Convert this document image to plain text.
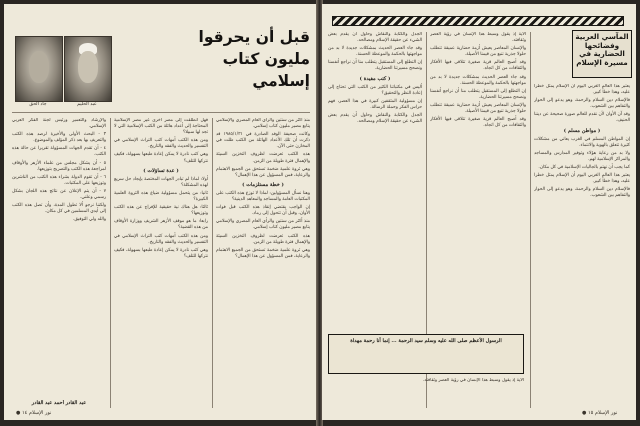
قبل أن يحرقوا
مليون كتاب
إسلامي
عبد الحليم
جاد الحق

منذ أكثر من سنتين والرأي العام المصري والإسلامي يتابع مصير مليون كتاب إسلامي.

وكانت صحيفة الوفد الصادرة في ١٩٨٥/١/٣١ قد ذكرت أن تلك الأعداد الهائلة من الكتب ظلت في المخازن حتى الآن.

هذه الكتب تعرضت لظروف التخزين السيئة والإهمال فترة طويلة من الزمن.

وهي ثروة علمية ضخمة تستحق من الجميع الاهتمام والرعاية، فمن المسؤول عن هذا الإهمال؟

( خطة مستلزمات )

وهنا نسأل المسؤولين: لماذا لا توزع هذه الكتب على المكتبات العامة والمساجد والمعاهد الدينية؟

إن الواجب يقتضي إنقاذ هذه الكتب قبل فوات الأوان، وقبل أن تتحول إلى رماد.

منذ أكثر من سنتين والرأي العام المصري والإسلامي يتابع مصير مليون كتاب إسلامي.

هذه الكتب تعرضت لظروف التخزين السيئة والإهمال فترة طويلة من الزمن.

وهي ثروة علمية ضخمة تستحق من الجميع الاهتمام والرعاية، فمن المسؤول عن هذا الإهمال؟

فهل انطلقت إلى مصر أخرى غير مصر الإسلامية المحتاجة إلى أعداد هائلة من الكتب الإسلامية التي لا تجد لها سبيلا؟

ومن هذه الكتب أمهات كتب التراث الإسلامي في التفسير والحديث والفقه والتاريخ.

وهي كتب نادرة لا يمكن إعادة طبعها بسهولة، فكيف نتركها للتلف؟

( عدة تساؤلات )

أولا: لماذا لم تبادر الجهات المختصة بإيجاد حل سريع لهذه المشكلة؟

ثانيا: من يتحمل مسؤولية ضياع هذه الثروة العلمية الكبيرة؟

ثالثا: هل هناك نية حقيقية للإفراج عن هذه الكتب وتوزيعها؟

رابعا: ما هو موقف الأزهر الشريف ووزارة الأوقاف من هذه القضية؟

ومن هذه الكتب أمهات كتب التراث الإسلامي في التفسير والحديث والفقه والتاريخ.

وهي كتب نادرة لا يمكن إعادة طبعها بسهولة، فكيف نتركها للتلف؟

والإرشاد والتعمير ورئيس لجنة الفكر العربي الإسلامي.

٣ - البحث الأولى والأخيرة لرصد هذه الكتب والتعريف بها بعد ذكر المؤلف والموضوع.

٤ - أن تقدم الجهات المسؤولة تقريرا عن حالة هذه الكتب.

٥ - أن يشكل مجلس من علماء الأزهر والأوقاف لمراجعة هذه الكتب والتصريح بتوزيعها.

٦ - أن تقوم الدولة بشراء هذه الكتب من الناشرين وتوزيعها على المكتبات.

٧ - أن يتم الإعلان عن نتائج هذه اللجان بشكل رسمي وعلني.

ولكننا نرجو ألا تطول المدة، وأن تصل هذه الكتب إلى أيدي المسلمين في كل مكان.

والله ولي التوفيق.

عبد القادر أحمد عبد القادر
نور الإسلام ١٤ ●
المآسي العربية وفضائحها الحضارية في مسيرة الإسلام

يعتبر هذا العالم الغربي اليوم أن الإسلام يمثل خطرا عليه، وهذا خطأ كبير.

فالإسلام دين السلام والرحمة، وهو يدعو إلى الحوار والتفاهم بين الشعوب.

وقد آن الأوان لأن نقدم للعالم صورة صحيحة عن ديننا الحنيف.

( مواطن مسلم )

إن المواطن المسلم في الغرب يعاني من مشكلات كثيرة تتعلق بالهوية والانتماء.

ولا بد من رعاية هؤلاء وتوفير المدارس والمساجد والمراكز الإسلامية لهم.

كما يجب أن نهتم بالجاليات الإسلامية في كل مكان.

يعتبر هذا العالم الغربي اليوم أن الإسلام يمثل خطرا عليه، وهذا خطأ كبير.

فالإسلام دين السلام والرحمة، وهو يدعو إلى الحوار والتفاهم بين الشعوب.

الآية إذ يقول وسبط هذا الإنسان في رؤية العصر وثقافته.

والإنسان المعاصر يعيش أزمة حضارية عميقة تتطلب حلولا جذرية تنبع من قيمنا الأصيلة.

وقد أصبح العالم قرية صغيرة تتلاقى فيها الأفكار والثقافات من كل اتجاه.

وقد جاء العصر الحديث بمشكلات جديدة لا بد من مواجهتها بالحكمة والموعظة الحسنة.

إن التطلع إلى المستقبل يتطلب منا أن نراجع أنفسنا ونصحح مسيرتنا الحضارية.

والإنسان المعاصر يعيش أزمة حضارية عميقة تتطلب حلولا جذرية تنبع من قيمنا الأصيلة.

وقد أصبح العالم قرية صغيرة تتلاقى فيها الأفكار والثقافات من كل اتجاه.

الجدل والكتابة والنقاش وحاول أن يقدم بعض الشيء عن حقيقة الإسلام ومصالحه.

وقد جاء العصر الحديث بمشكلات جديدة لا بد من مواجهتها بالحكمة والموعظة الحسنة.

إن التطلع إلى المستقبل يتطلب منا أن نراجع أنفسنا ونصحح مسيرتنا الحضارية.

( كتب مفيدة )

أليس في مكتباتنا الكثير من الكتب التي تحتاج إلى إعادة النظر والتحقيق؟

إن مسؤولية المثقفين كبيرة في هذا العصر، فهم حراس الفكر وحملة الرسالة.

الجدل والكتابة والنقاش وحاول أن يقدم بعض الشيء عن حقيقة الإسلام ومصالحه.

الرسول الأعظم صلى الله عليه وسلم سيد الرحمة ... إنما أنا رحمة مهداة

الآية إذ يقول وسبط هذا الإنسان في رؤية العصر وثقافته.

نور الإسلام ١٥ ●
